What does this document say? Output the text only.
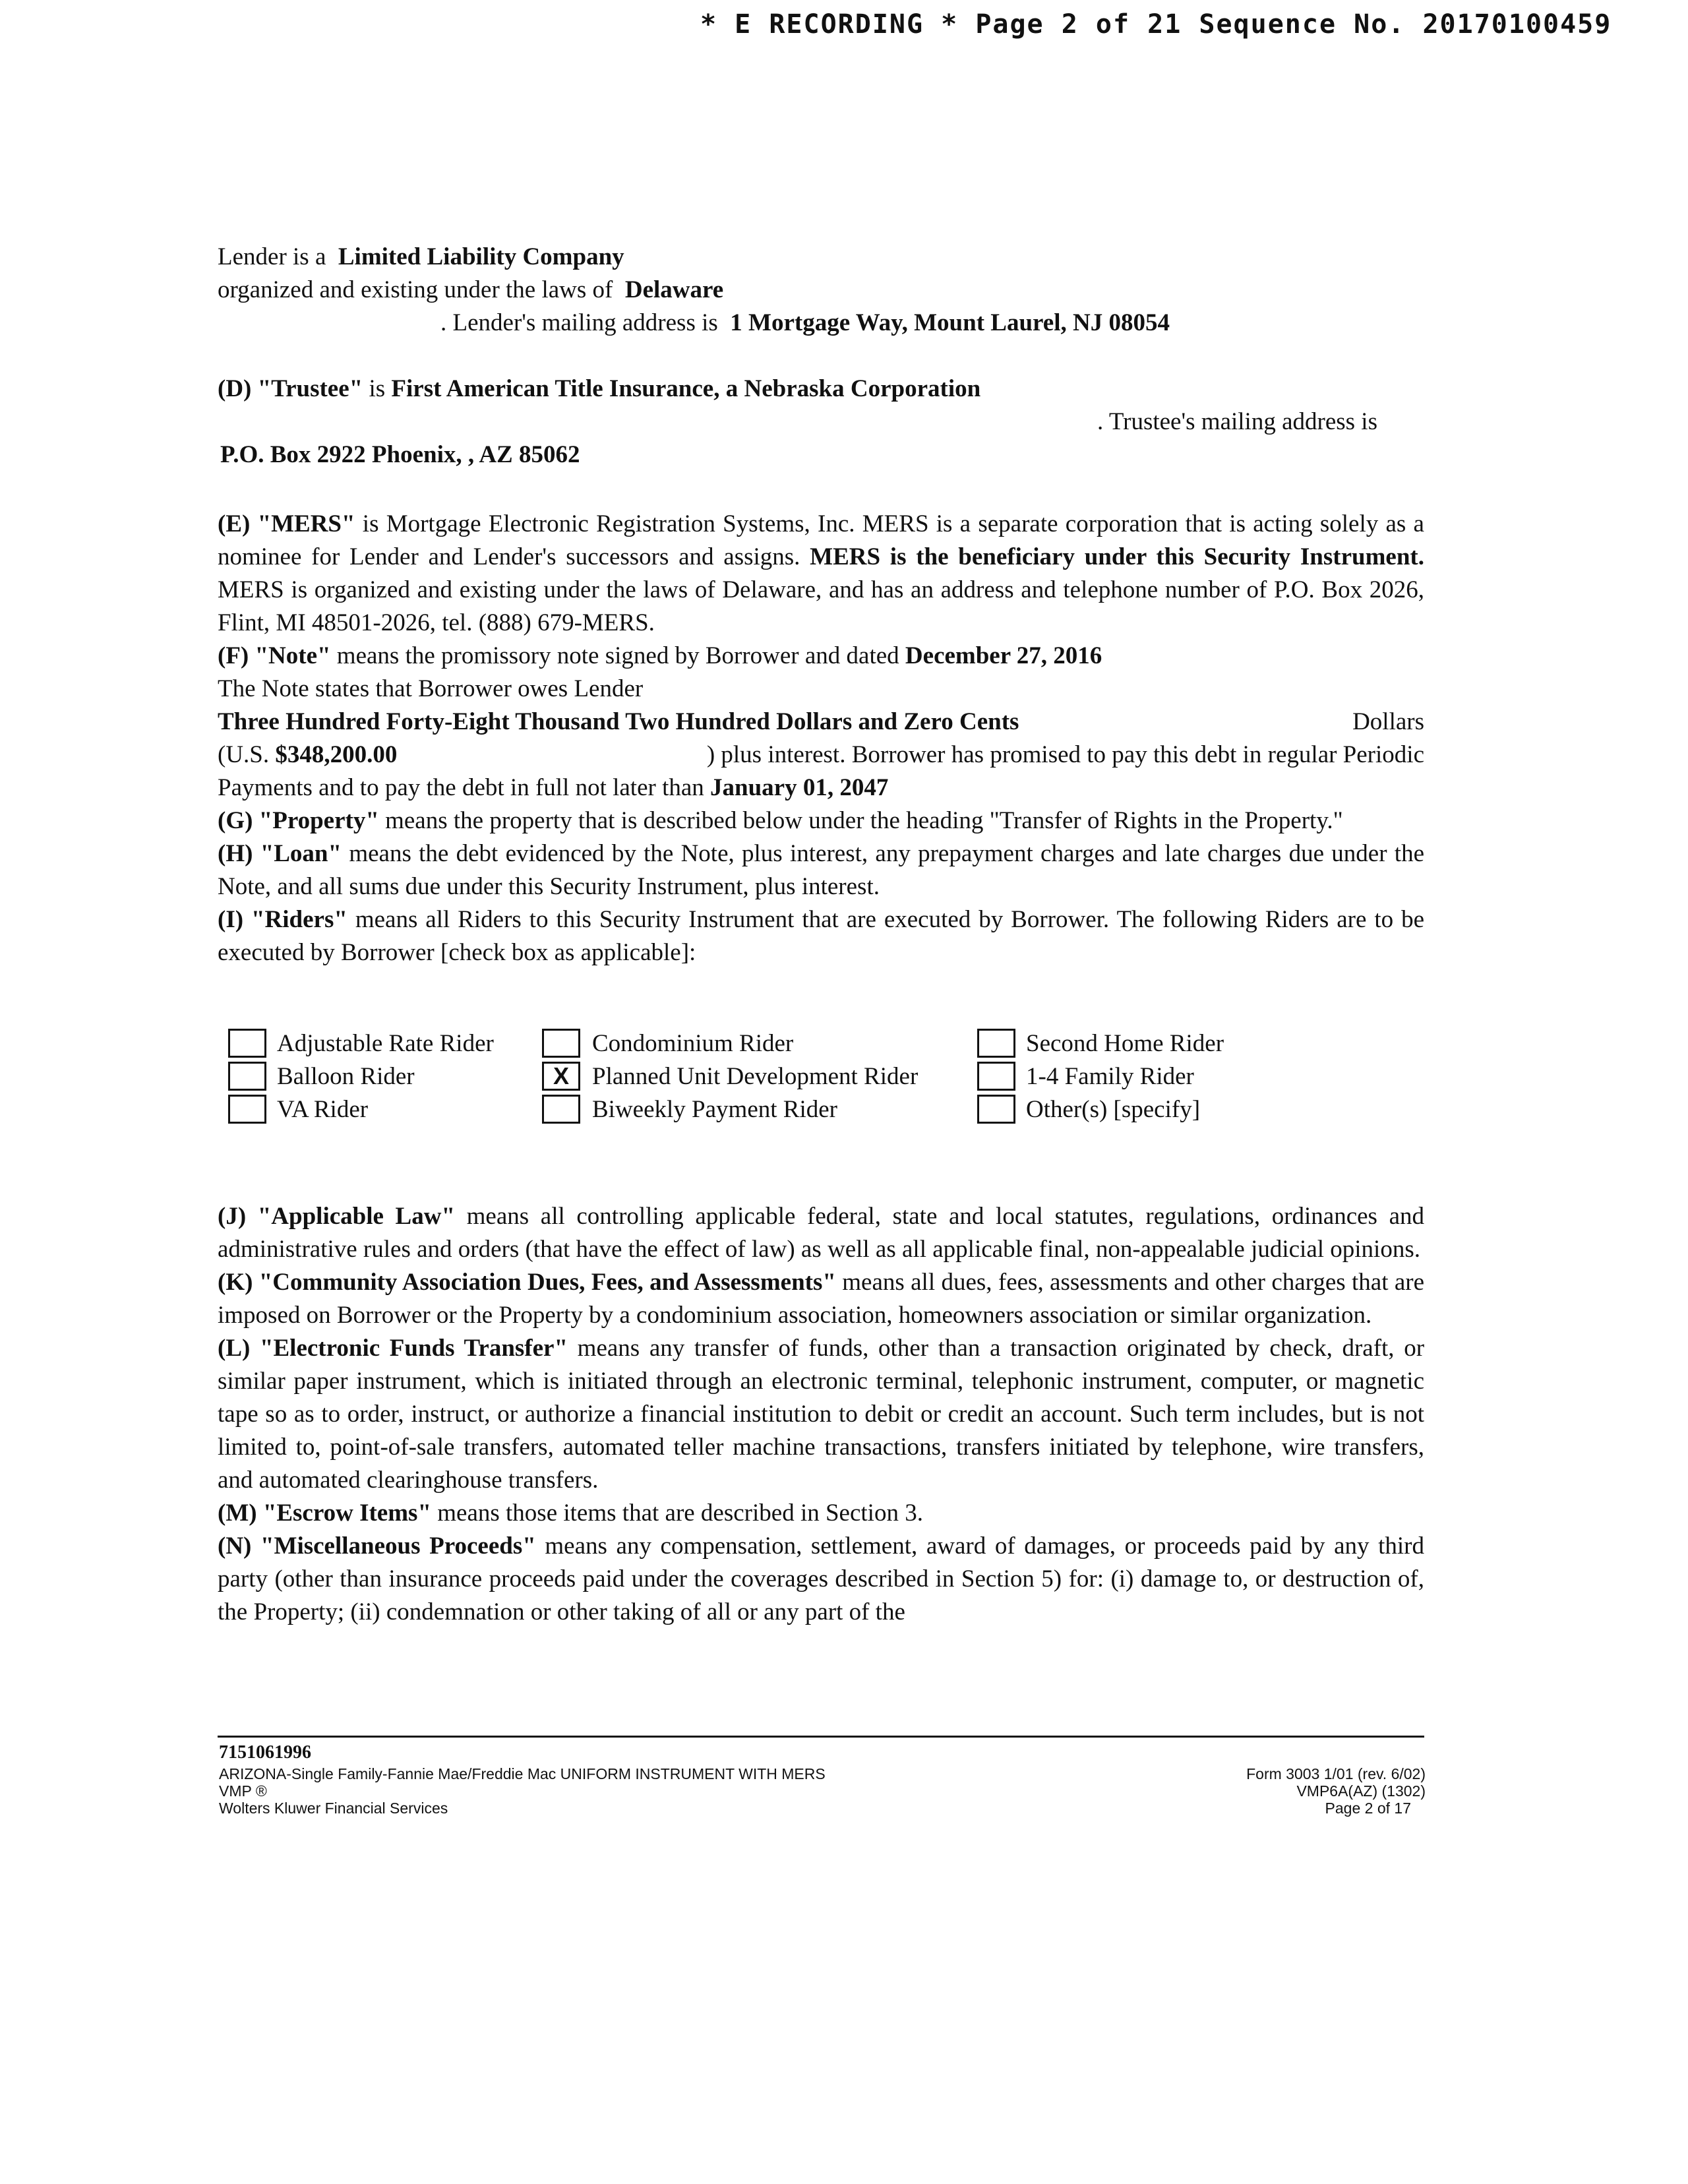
* E RECORDING * Page 2 of 21 Sequence No. 20170100459
Lender is a Limited Liability Company
organized and existing under the laws of Delaware
. Lender's mailing address is 1 Mortgage Way, Mount Laurel, NJ 08054
(D) "Trustee" is First American Title Insurance, a Nebraska Corporation
. Trustee's mailing address is
P.O. Box 2922 Phoenix, , AZ 85062

(E) "MERS" is Mortgage Electronic Registration Systems, Inc. MERS is a separate corporation that is acting solely as a nominee for Lender and Lender's successors and assigns. MERS is the beneficiary under this Security Instrument. MERS is organized and existing under the laws of Delaware, and has an address and telephone number of P.O. Box 2026, Flint, MI 48501-2026, tel. (888) 679-MERS.

(F) "Note" means the promissory note signed by Borrower and dated December 27, 2016

The Note states that Borrower owes Lender

Three Hundred Forty-Eight Thousand Two Hundred Dollars and Zero Cents	Dollars

(U.S. $348,200.00	) plus interest. Borrower has promised to pay this debt in regular Periodic

Payments and to pay the debt in full not later than January 01, 2047

(G) "Property" means the property that is described below under the heading "Transfer of Rights in the Property."

(H) "Loan" means the debt evidenced by the Note, plus interest, any prepayment charges and late charges due under the Note, and all sums due under this Security Instrument, plus interest.

(I) "Riders" means all Riders to this Security Instrument that are executed by Borrower. The following Riders are to be executed by Borrower [check box as applicable]:

Adjustable Rate Rider
Balloon Rider
VA Rider
Condominium Rider
X Planned Unit Development Rider
Biweekly Payment Rider
Second Home Rider
1-4 Family Rider
Other(s) [specify]

(J) "Applicable Law" means all controlling applicable federal, state and local statutes, regulations, ordinances and administrative rules and orders (that have the effect of law) as well as all applicable final, non-appealable judicial opinions.

(K) "Community Association Dues, Fees, and Assessments" means all dues, fees, assessments and other charges that are imposed on Borrower or the Property by a condominium association, homeowners association or similar organization.

(L) "Electronic Funds Transfer" means any transfer of funds, other than a transaction originated by check, draft, or similar paper instrument, which is initiated through an electronic terminal, telephonic instrument, computer, or magnetic tape so as to order, instruct, or authorize a financial institution to debit or credit an account. Such term includes, but is not limited to, point-of-sale transfers, automated teller machine transactions, transfers initiated by telephone, wire transfers, and automated clearinghouse transfers.

(M) "Escrow Items" means those items that are described in Section 3.

(N) "Miscellaneous Proceeds" means any compensation, settlement, award of damages, or proceeds paid by any third party (other than insurance proceeds paid under the coverages described in Section 5) for: (i) damage to, or destruction of, the Property; (ii) condemnation or other taking of all or any part of the

7151061996
ARIZONA-Single Family-Fannie Mae/Freddie Mac UNIFORM INSTRUMENT WITH MERS
VMP ®
Wolters Kluwer Financial Services
Form 3003 1/01 (rev. 6/02)
VMP6A(AZ) (1302)
Page 2 of 17
